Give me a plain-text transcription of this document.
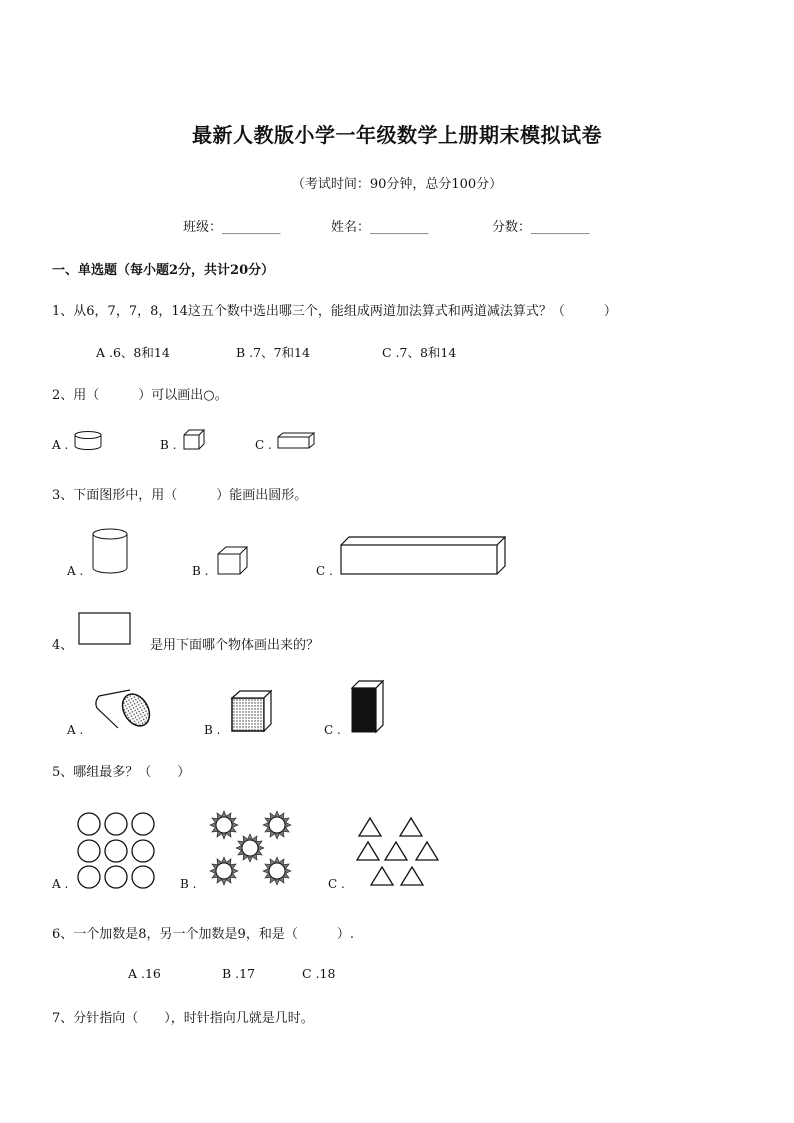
最新人教版小学一年级数学上册期末模拟试卷
（考试时间：90分钟，总分100分）
班级：_________	姓名：_________	分数：_________
一、单选题（每小题2分，共计20分）
1、从6，7，7，8，14这五个数中选出哪三个，能组成两道加法算式和两道减法算式？（　　　）
A .6、8和14	B .7、7和14	C .7、8和14
2、用（　　　）可以画出○。
A .	B .	C .
3、下面图形中，用（　　　）能画出圆形。
A .	B .	C .
4、	是用下面哪个物体画出来的？
A .	B .	C .
5、哪组最多？（　　）
A .	B .	C .
6、一个加数是8，另一个加数是9，和是（　　　）.
A .16	B .17	C .18
7、分针指向（　　），时针指向几就是几时。
